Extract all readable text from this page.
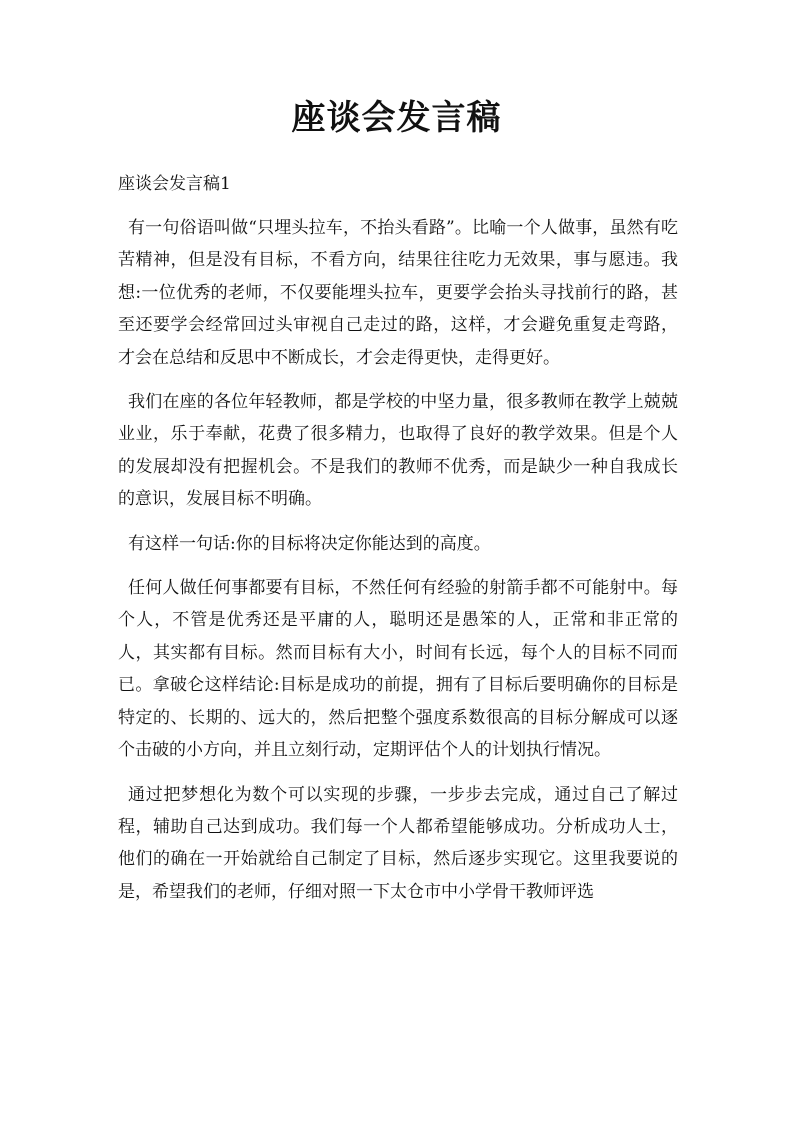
座谈会发言稿

座谈会发言稿1

有一句俗语叫做“只埋头拉车，不抬头看路”。比喻一个人做事，虽然有吃苦精神，但是没有目标，不看方向，结果往往吃力无效果，事与愿违。我想:一位优秀的老师，不仅要能埋头拉车，更要学会抬头寻找前行的路，甚至还要学会经常回过头审视自己走过的路，这样，才会避免重复走弯路，才会在总结和反思中不断成长，才会走得更快，走得更好。

我们在座的各位年轻教师，都是学校的中坚力量，很多教师在教学上兢兢业业，乐于奉献，花费了很多精力，也取得了良好的教学效果。但是个人的发展却没有把握机会。不是我们的教师不优秀，而是缺少一种自我成长的意识，发展目标不明确。

有这样一句话:你的目标将决定你能达到的高度。

任何人做任何事都要有目标，不然任何有经验的射箭手都不可能射中。每个人，不管是优秀还是平庸的人，聪明还是愚笨的人，正常和非正常的人，其实都有目标。然而目标有大小，时间有长远，每个人的目标不同而已。拿破仑这样结论:目标是成功的前提，拥有了目标后要明确你的目标是特定的、长期的、远大的，然后把整个强度系数很高的目标分解成可以逐个击破的小方向，并且立刻行动，定期评估个人的计划执行情况。

通过把梦想化为数个可以实现的步骤，一步步去完成，通过自己了解过程，辅助自己达到成功。我们每一个人都希望能够成功。分析成功人士，他们的确在一开始就给自己制定了目标，然后逐步实现它。这里我要说的是，希望我们的老师，仔细对照一下太仓市中小学骨干教师评选
